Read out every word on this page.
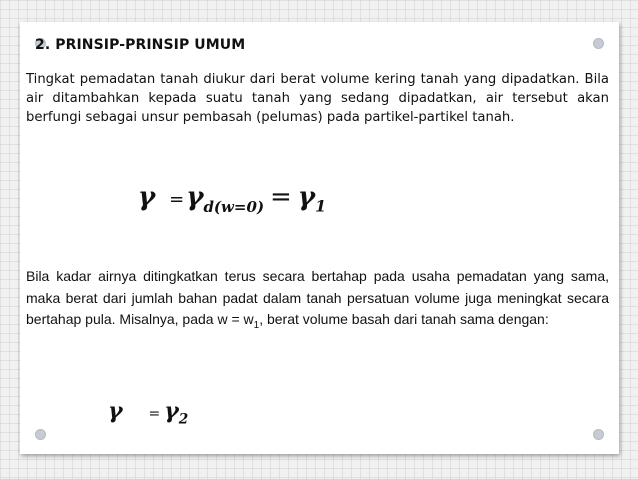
2. PRINSIP-PRINSIP UMUM
Tingkat pemadatan tanah diukur dari berat volume kering tanah yang dipadatkan. Bila air ditambahkan kepada suatu tanah yang sedang dipadatkan, air tersebut akan berfungi sebagai unsur pembasah (pelumas) pada partikel-partikel tanah.
$\gamma =\gamma_{d(w=0)} = \gamma_1$
Bila kadar airnya ditingkatkan terus secara bertahap pada usaha pemadatan yang sama, maka berat dari jumlah bahan padat dalam tanah persatuan volume juga meningkat secara bertahap pula. Misalnya, pada $w = w_1$, berat volume basah dari tanah sama dengan:
$\gamma = \gamma_2$
